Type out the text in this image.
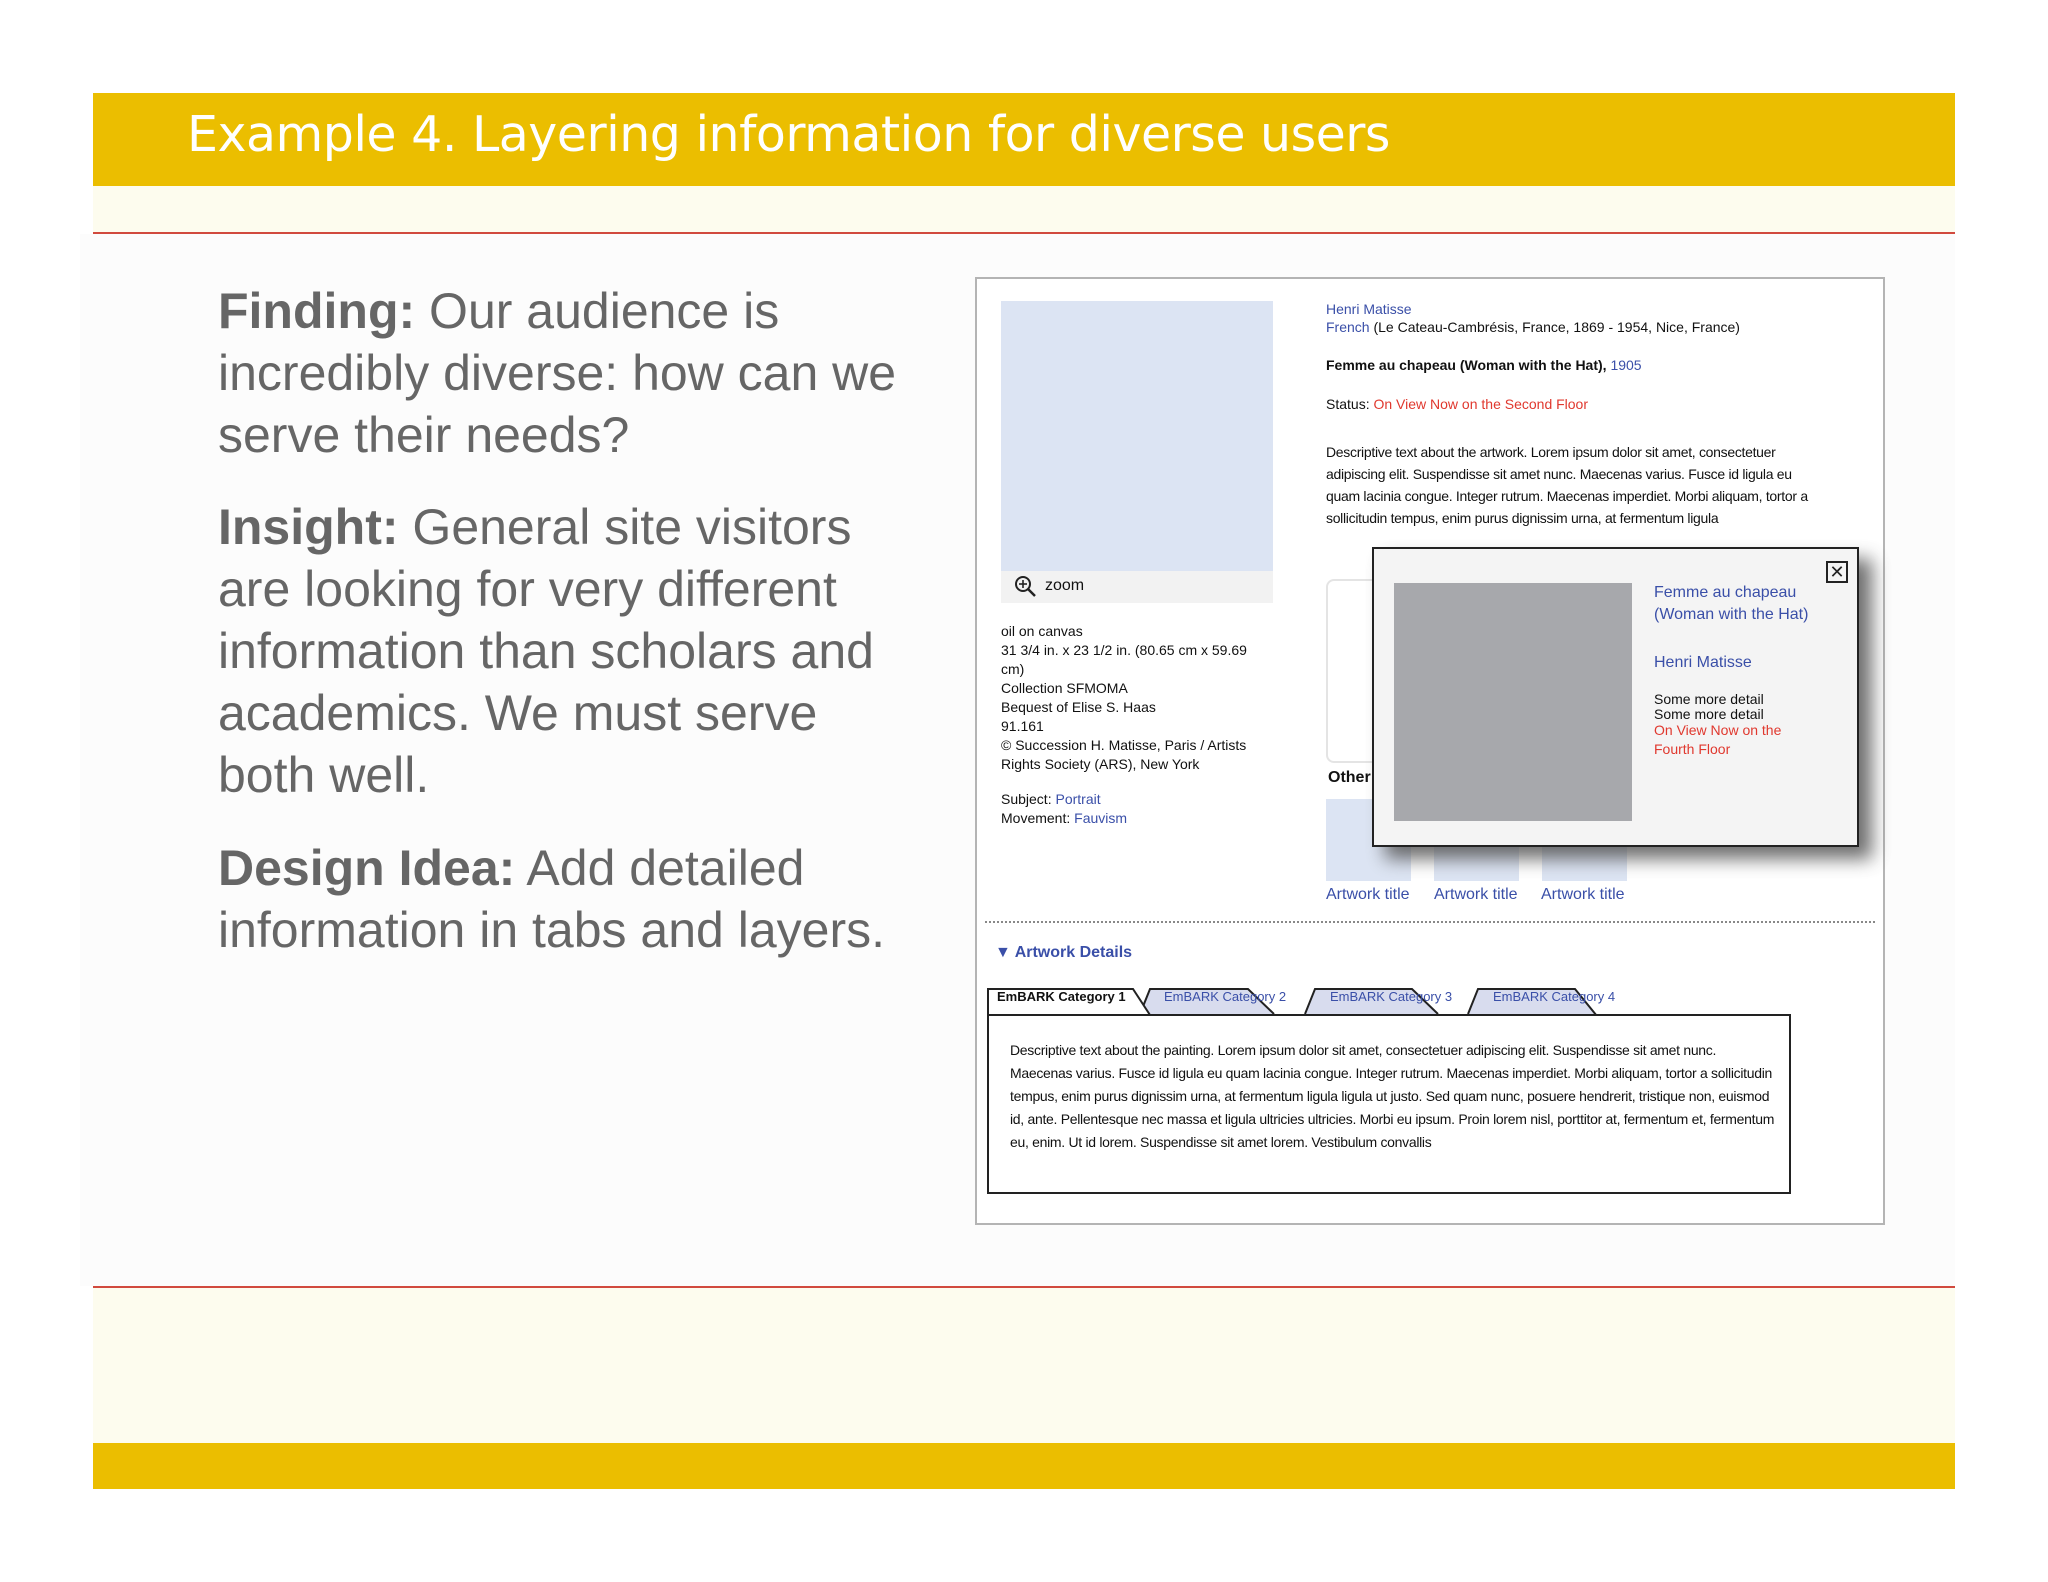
Example 4. Layering information for diverse users
Finding: Our audience is incredibly diverse: how can we serve their needs?
Insight: General site visitors are looking for very different information than scholars and academics. We must serve both well.
Design Idea: Add detailed information in tabs and layers.
zoom
oil on canvas
31 3/4 in. x 23 1/2 in. (80.65 cm x 59.69 cm)
Collection SFMOMA
Bequest of Elise S. Haas
91.161
© Succession H. Matisse, Paris / Artists Rights Society (ARS), New York
Subject: Portrait
Movement: Fauvism
Henri Matisse
French (Le Cateau-Cambrésis, France, 1869 - 1954, Nice, France)
Femme au chapeau (Woman with the Hat), 1905
Status: On View Now on the Second Floor
Descriptive text about the artwork. Lorem ipsum dolor sit amet, consectetuer adipiscing elit. Suspendisse sit amet nunc. Maecenas varius. Fusce id ligula eu quam lacinia congue. Integer rutrum. Maecenas imperdiet. Morbi aliquam, tortor a sollicitudin tempus, enim purus dignissim urna, at fermentum ligula
Other
Artwork title Artwork title Artwork title
✕
Femme au chapeau (Woman with the Hat)
Henri Matisse
Some more detail
Some more detail
On View Now on the Fourth Floor
▼ Artwork Details
EmBARK Category 1	EmBARK Category 2	EmBARK Category 3	EmBARK Category 4
Descriptive text about the painting. Lorem ipsum dolor sit amet, consectetuer adipiscing elit. Suspendisse sit amet nunc. Maecenas varius. Fusce id ligula eu quam lacinia congue. Integer rutrum. Maecenas imperdiet. Morbi aliquam, tortor a sollicitudin tempus, enim purus dignissim urna, at fermentum ligula ligula ut justo. Sed quam nunc, posuere hendrerit, tristique non, euismod id, ante. Pellentesque nec massa et ligula ultricies ultricies. Morbi eu ipsum. Proin lorem nisl, porttitor at, fermentum et, fermentum eu, enim. Ut id lorem. Suspendisse sit amet lorem. Vestibulum convallis
